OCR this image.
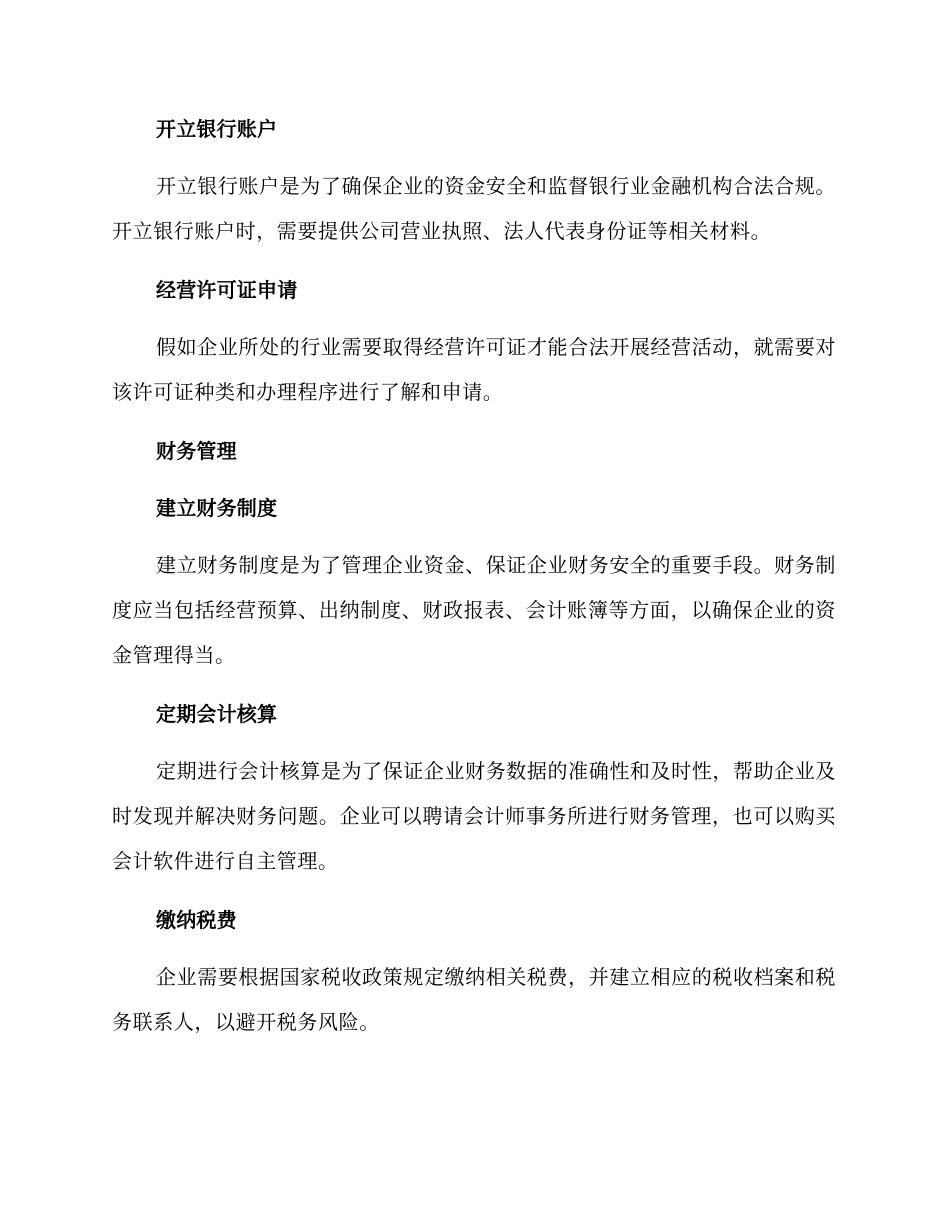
开立银行账户

开立银行账户是为了确保企业的资金安全和监督银行业金融机构合法合规。开立银行账户时，需要提供公司营业执照、法人代表身份证等相关材料。

经营许可证申请

假如企业所处的行业需要取得经营许可证才能合法开展经营活动，就需要对该许可证种类和办理程序进行了解和申请。

财务管理
建立财务制度

建立财务制度是为了管理企业资金、保证企业财务安全的重要手段。财务制度应当包括经营预算、出纳制度、财政报表、会计账簿等方面，以确保企业的资金管理得当。

定期会计核算

定期进行会计核算是为了保证企业财务数据的准确性和及时性，帮助企业及时发现并解决财务问题。企业可以聘请会计师事务所进行财务管理，也可以购买会计软件进行自主管理。

缴纳税费

企业需要根据国家税收政策规定缴纳相关税费，并建立相应的税收档案和税务联系人，以避开税务风险。
